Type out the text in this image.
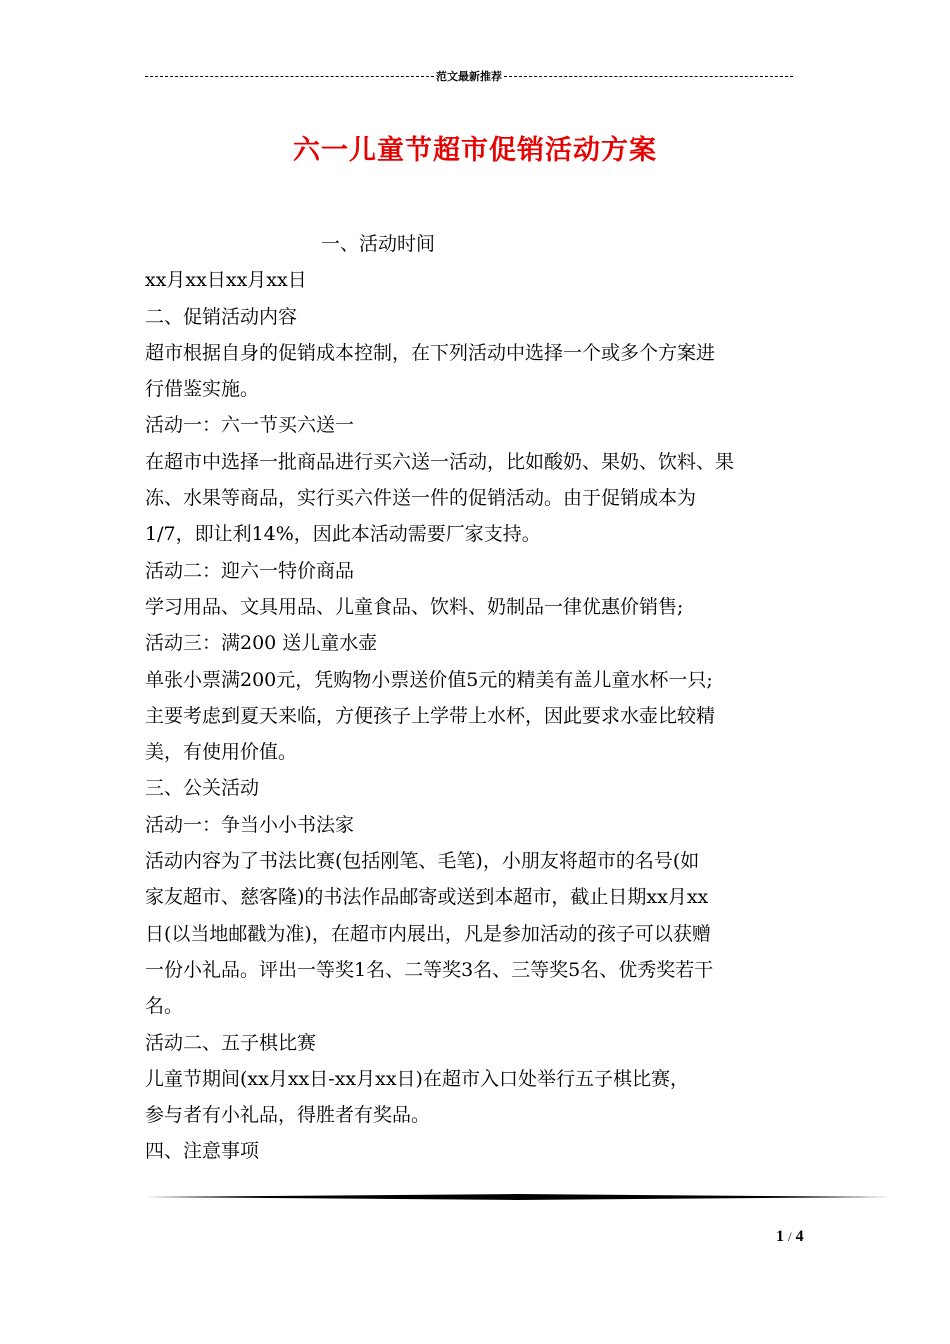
范文最新推荐
六一儿童节超市促销活动方案

一、活动时间

xx月xx日xx月xx日

二、促销活动内容

超市根据自身的促销成本控制，在下列活动中选择一个或多个方案进

行借鉴实施。

活动一：六一节买六送一

在超市中选择一批商品进行买六送一活动，比如酸奶、果奶、饮料、果

冻、水果等商品，实行买六件送一件的促销活动。由于促销成本为

1/7，即让利14%，因此本活动需要厂家支持。

活动二：迎六一特价商品

学习用品、文具用品、儿童食品、饮料、奶制品一律优惠价销售;

活动三：满200 送儿童水壶

单张小票满200元，凭购物小票送价值5元的精美有盖儿童水杯一只;

主要考虑到夏天来临，方便孩子上学带上水杯，因此要求水壶比较精

美，有使用价值。

三、公关活动

活动一：争当小小书法家

活动内容为了书法比赛(包括刚笔、毛笔)，小朋友将超市的名号(如

家友超市、慈客隆)的书法作品邮寄或送到本超市，截止日期xx月xx

日(以当地邮戳为准)，在超市内展出，凡是参加活动的孩子可以获赠

一份小礼品。评出一等奖1名、二等奖3名、三等奖5名、优秀奖若干

名。

活动二、五子棋比赛

儿童节期间(xx月xx日-xx月xx日)在超市入口处举行五子棋比赛，

参与者有小礼品，得胜者有奖品。

四、注意事项

1 / 4
